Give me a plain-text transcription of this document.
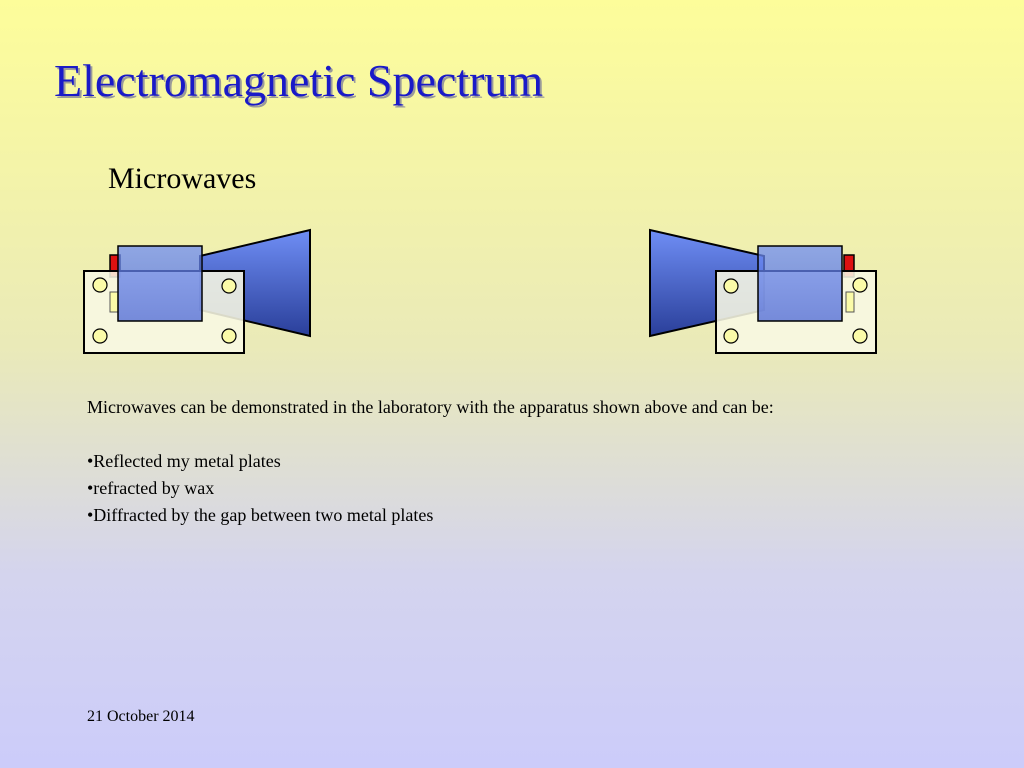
Electromagnetic Spectrum
Microwaves

Microwaves can be demonstrated in the laboratory with the apparatus shown above and can be:

•Reflected my metal plates
•refracted by wax
•Diffracted by the gap between two metal plates
21 October 2014
